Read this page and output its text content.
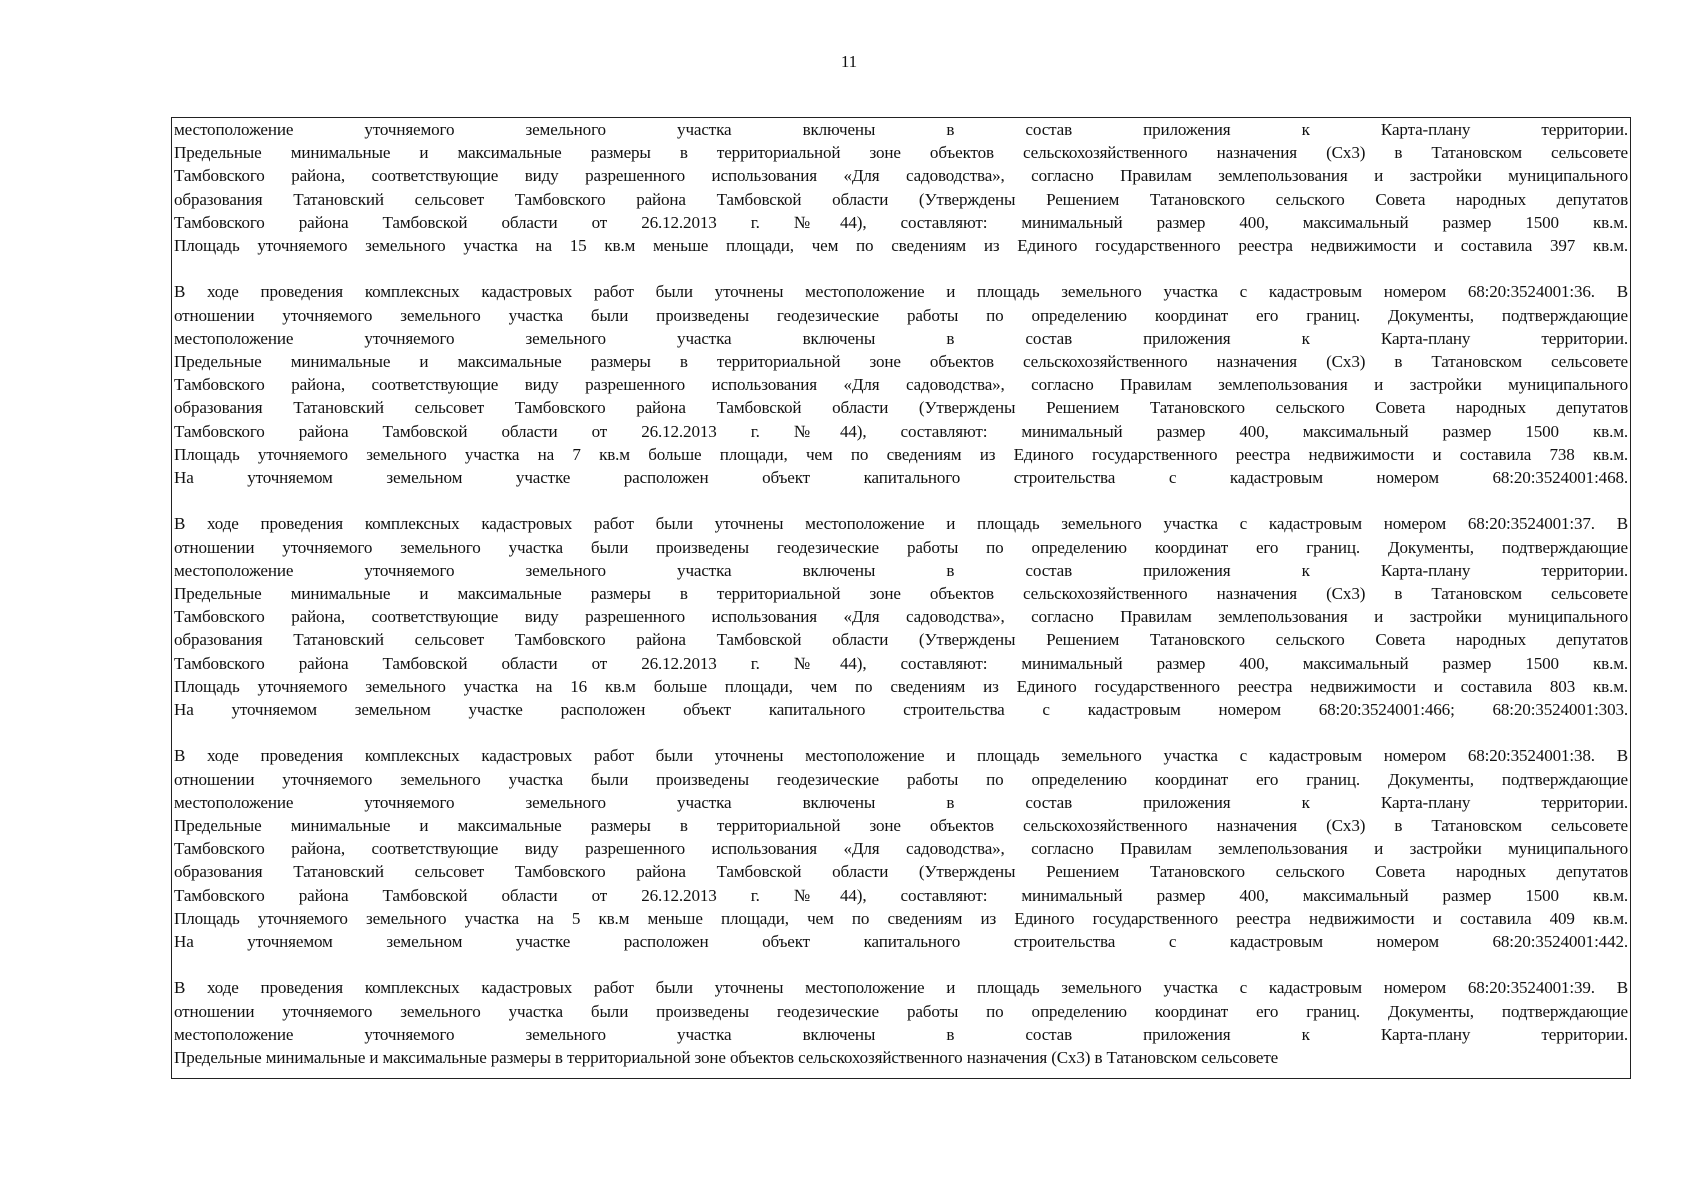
11
местоположение уточняемого земельного участка включены в состав приложения к Карта-плану территории.
Предельные минимальные и максимальные размеры в территориальной зоне объектов сельскохозяйственного назначения (Сх3) в Татановском сельсовете
Тамбовского района, соответствующие виду разрешенного использования «Для садоводства», согласно Правилам землепользования и застройки муниципального
образования Татановский сельсовет Тамбовского района Тамбовской области (Утверждены Решением Татановского сельского Совета народных депутатов
Тамбовского района Тамбовской области от 26.12.2013 г. №44), составляют: минимальный размер 400, максимальный размер 1500 кв.м.
Площадь уточняемого земельного участка на 15 кв.м меньше площади, чем по сведениям из Единого государственного реестра недвижимости и составила 397 кв.м.
В ходе проведения комплексных кадастровых работ были уточнены местоположение и площадь земельного участка с кадастровым номером 68:20:3524001:36. В
отношении уточняемого земельного участка были произведены геодезические работы по определению координат его границ. Документы, подтверждающие
местоположение уточняемого земельного участка включены в состав приложения к Карта-плану территории.
Предельные минимальные и максимальные размеры в территориальной зоне объектов сельскохозяйственного назначения (Сх3) в Татановском сельсовете
Тамбовского района, соответствующие виду разрешенного использования «Для садоводства», согласно Правилам землепользования и застройки муниципального
образования Татановский сельсовет Тамбовского района Тамбовской области (Утверждены Решением Татановского сельского Совета народных депутатов
Тамбовского района Тамбовской области от 26.12.2013 г. №44), составляют: минимальный размер 400, максимальный размер 1500 кв.м.
Площадь уточняемого земельного участка на 7 кв.м больше площади, чем по сведениям из Единого государственного реестра недвижимости и составила 738 кв.м.
На уточняемом земельном участке расположен объект капитального строительства с кадастровым номером 68:20:3524001:468.
В ходе проведения комплексных кадастровых работ были уточнены местоположение и площадь земельного участка с кадастровым номером 68:20:3524001:37. В
отношении уточняемого земельного участка были произведены геодезические работы по определению координат его границ. Документы, подтверждающие
местоположение уточняемого земельного участка включены в состав приложения к Карта-плану территории.
Предельные минимальные и максимальные размеры в территориальной зоне объектов сельскохозяйственного назначения (Сх3) в Татановском сельсовете
Тамбовского района, соответствующие виду разрешенного использования «Для садоводства», согласно Правилам землепользования и застройки муниципального
образования Татановский сельсовет Тамбовского района Тамбовской области (Утверждены Решением Татановского сельского Совета народных депутатов
Тамбовского района Тамбовской области от 26.12.2013 г. №44), составляют: минимальный размер 400, максимальный размер 1500 кв.м.
Площадь уточняемого земельного участка на 16 кв.м больше площади, чем по сведениям из Единого государственного реестра недвижимости и составила 803 кв.м.
На уточняемом земельном участке расположен объект капитального строительства с кадастровым номером 68:20:3524001:466; 68:20:3524001:303.
В ходе проведения комплексных кадастровых работ были уточнены местоположение и площадь земельного участка с кадастровым номером 68:20:3524001:38. В
отношении уточняемого земельного участка были произведены геодезические работы по определению координат его границ. Документы, подтверждающие
местоположение уточняемого земельного участка включены в состав приложения к Карта-плану территории.
Предельные минимальные и максимальные размеры в территориальной зоне объектов сельскохозяйственного назначения (Сх3) в Татановском сельсовете
Тамбовского района, соответствующие виду разрешенного использования «Для садоводства», согласно Правилам землепользования и застройки муниципального
образования Татановский сельсовет Тамбовского района Тамбовской области (Утверждены Решением Татановского сельского Совета народных депутатов
Тамбовского района Тамбовской области от 26.12.2013 г. №44), составляют: минимальный размер 400, максимальный размер 1500 кв.м.
Площадь уточняемого земельного участка на 5 кв.м меньше площади, чем по сведениям из Единого государственного реестра недвижимости и составила 409 кв.м.
На уточняемом земельном участке расположен объект капитального строительства с кадастровым номером 68:20:3524001:442.
В ходе проведения комплексных кадастровых работ были уточнены местоположение и площадь земельного участка с кадастровым номером 68:20:3524001:39. В
отношении уточняемого земельного участка были произведены геодезические работы по определению координат его границ. Документы, подтверждающие
местоположение уточняемого земельного участка включены в состав приложения к Карта-плану территории.
Предельные минимальные и максимальные размеры в территориальной зоне объектов сельскохозяйственного назначения (Сх3) в Татановском сельсовете
